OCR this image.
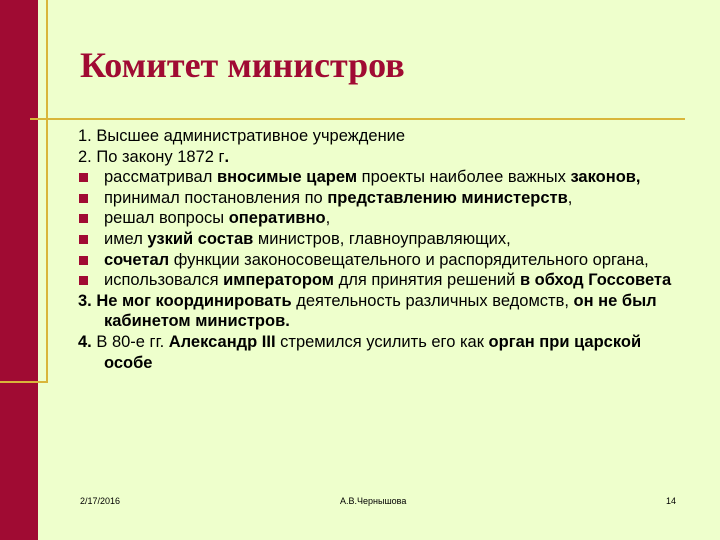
Комитет министров
1. Высшее административное учреждение
2. По закону 1872 г.
рассматривал вносимые царем проекты наиболее важных законов,
принимал постановления по представлению министерств,
решал вопросы оперативно,
имел узкий состав министров, главноуправляющих,
сочетал функции законосовещательного и распорядительного органа,
использовался императором для принятия решений в обход Госсовета
3. Не мог координировать деятельность различных ведомств, он не был кабинетом министров.
4. В 80-е гг. Александр III стремился усилить его как орган при царской особе
2/17/2016	А.В.Чернышова	14
